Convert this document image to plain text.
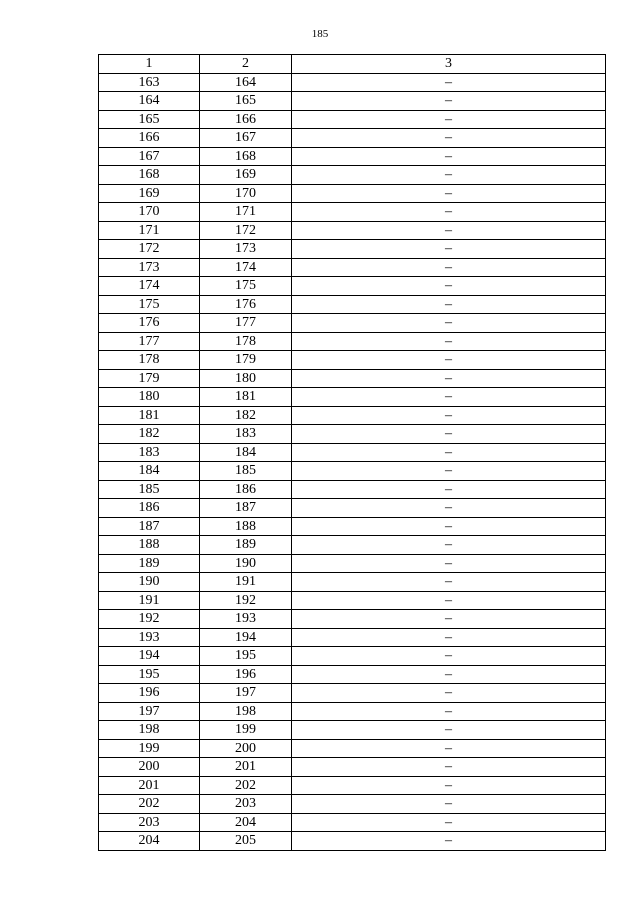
185
1	2	3
163	164	–
164	165	–
165	166	–
166	167	–
167	168	–
168	169	–
169	170	–
170	171	–
171	172	–
172	173	–
173	174	–
174	175	–
175	176	–
176	177	–
177	178	–
178	179	–
179	180	–
180	181	–
181	182	–
182	183	–
183	184	–
184	185	–
185	186	–
186	187	–
187	188	–
188	189	–
189	190	–
190	191	–
191	192	–
192	193	–
193	194	–
194	195	–
195	196	–
196	197	–
197	198	–
198	199	–
199	200	–
200	201	–
201	202	–
202	203	–
203	204	–
204	205	–
